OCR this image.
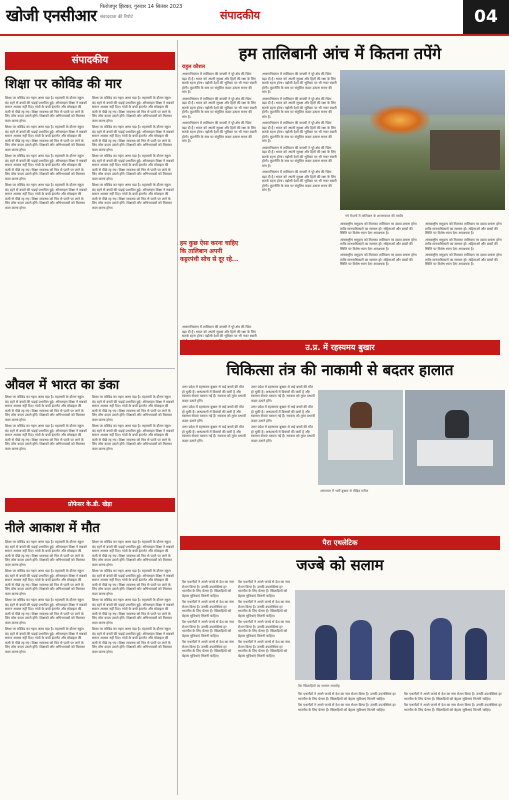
खोजी एनसीआर फिरोजपुर झिरका, गुरुवार 14 सितंबर 2023
संवाददाता की रिपोर्ट	संपादकीय	04
संपादकीय
शिक्षा पर कोविड की मार

शिक्षा पर कोविड का गहरा असर पड़ा है। महामारी के दौरान स्कूल बंद रहने से बच्चों की पढ़ाई प्रभावित हुई। ऑनलाइन शिक्षा ने सबको समान अवसर नहीं दिए। गांवों के बच्चे इंटरनेट और मोबाइल की कमी से पीछे रह गए। शिक्षा व्यवस्था को फिर से पटरी पर लाने के लिए ठोस कदम उठाने होंगे। शिक्षकों और अभिभावकों को मिलकर काम करना होगा।

शिक्षा पर कोविड का गहरा असर पड़ा है। महामारी के दौरान स्कूल बंद रहने से बच्चों की पढ़ाई प्रभावित हुई। ऑनलाइन शिक्षा ने सबको समान अवसर नहीं दिए। गांवों के बच्चे इंटरनेट और मोबाइल की कमी से पीछे रह गए। शिक्षा व्यवस्था को फिर से पटरी पर लाने के लिए ठोस कदम उठाने होंगे। शिक्षकों और अभिभावकों को मिलकर काम करना होगा।

शिक्षा पर कोविड का गहरा असर पड़ा है। महामारी के दौरान स्कूल बंद रहने से बच्चों की पढ़ाई प्रभावित हुई। ऑनलाइन शिक्षा ने सबको समान अवसर नहीं दिए। गांवों के बच्चे इंटरनेट और मोबाइल की कमी से पीछे रह गए। शिक्षा व्यवस्था को फिर से पटरी पर लाने के लिए ठोस कदम उठाने होंगे। शिक्षकों और अभिभावकों को मिलकर काम करना होगा।

शिक्षा पर कोविड का गहरा असर पड़ा है। महामारी के दौरान स्कूल बंद रहने से बच्चों की पढ़ाई प्रभावित हुई। ऑनलाइन शिक्षा ने सबको समान अवसर नहीं दिए। गांवों के बच्चे इंटरनेट और मोबाइल की कमी से पीछे रह गए। शिक्षा व्यवस्था को फिर से पटरी पर लाने के लिए ठोस कदम उठाने होंगे। शिक्षकों और अभिभावकों को मिलकर काम करना होगा।

शिक्षा पर कोविड का गहरा असर पड़ा है। महामारी के दौरान स्कूल बंद रहने से बच्चों की पढ़ाई प्रभावित हुई। ऑनलाइन शिक्षा ने सबको समान अवसर नहीं दिए। गांवों के बच्चे इंटरनेट और मोबाइल की कमी से पीछे रह गए। शिक्षा व्यवस्था को फिर से पटरी पर लाने के लिए ठोस कदम उठाने होंगे। शिक्षकों और अभिभावकों को मिलकर काम करना होगा।

शिक्षा पर कोविड का गहरा असर पड़ा है। महामारी के दौरान स्कूल बंद रहने से बच्चों की पढ़ाई प्रभावित हुई। ऑनलाइन शिक्षा ने सबको समान अवसर नहीं दिए। गांवों के बच्चे इंटरनेट और मोबाइल की कमी से पीछे रह गए। शिक्षा व्यवस्था को फिर से पटरी पर लाने के लिए ठोस कदम उठाने होंगे। शिक्षकों और अभिभावकों को मिलकर काम करना होगा।

शिक्षा पर कोविड का गहरा असर पड़ा है। महामारी के दौरान स्कूल बंद रहने से बच्चों की पढ़ाई प्रभावित हुई। ऑनलाइन शिक्षा ने सबको समान अवसर नहीं दिए। गांवों के बच्चे इंटरनेट और मोबाइल की कमी से पीछे रह गए। शिक्षा व्यवस्था को फिर से पटरी पर लाने के लिए ठोस कदम उठाने होंगे। शिक्षकों और अभिभावकों को मिलकर काम करना होगा।

शिक्षा पर कोविड का गहरा असर पड़ा है। महामारी के दौरान स्कूल बंद रहने से बच्चों की पढ़ाई प्रभावित हुई। ऑनलाइन शिक्षा ने सबको समान अवसर नहीं दिए। गांवों के बच्चे इंटरनेट और मोबाइल की कमी से पीछे रह गए। शिक्षा व्यवस्था को फिर से पटरी पर लाने के लिए ठोस कदम उठाने होंगे। शिक्षकों और अभिभावकों को मिलकर काम करना होगा।

औवल में भारत का डंका

शिक्षा पर कोविड का गहरा असर पड़ा है। महामारी के दौरान स्कूल बंद रहने से बच्चों की पढ़ाई प्रभावित हुई। ऑनलाइन शिक्षा ने सबको समान अवसर नहीं दिए। गांवों के बच्चे इंटरनेट और मोबाइल की कमी से पीछे रह गए। शिक्षा व्यवस्था को फिर से पटरी पर लाने के लिए ठोस कदम उठाने होंगे। शिक्षकों और अभिभावकों को मिलकर काम करना होगा।

शिक्षा पर कोविड का गहरा असर पड़ा है। महामारी के दौरान स्कूल बंद रहने से बच्चों की पढ़ाई प्रभावित हुई। ऑनलाइन शिक्षा ने सबको समान अवसर नहीं दिए। गांवों के बच्चे इंटरनेट और मोबाइल की कमी से पीछे रह गए। शिक्षा व्यवस्था को फिर से पटरी पर लाने के लिए ठोस कदम उठाने होंगे। शिक्षकों और अभिभावकों को मिलकर काम करना होगा।

शिक्षा पर कोविड का गहरा असर पड़ा है। महामारी के दौरान स्कूल बंद रहने से बच्चों की पढ़ाई प्रभावित हुई। ऑनलाइन शिक्षा ने सबको समान अवसर नहीं दिए। गांवों के बच्चे इंटरनेट और मोबाइल की कमी से पीछे रह गए। शिक्षा व्यवस्था को फिर से पटरी पर लाने के लिए ठोस कदम उठाने होंगे। शिक्षकों और अभिभावकों को मिलकर काम करना होगा।

शिक्षा पर कोविड का गहरा असर पड़ा है। महामारी के दौरान स्कूल बंद रहने से बच्चों की पढ़ाई प्रभावित हुई। ऑनलाइन शिक्षा ने सबको समान अवसर नहीं दिए। गांवों के बच्चे इंटरनेट और मोबाइल की कमी से पीछे रह गए। शिक्षा व्यवस्था को फिर से पटरी पर लाने के लिए ठोस कदम उठाने होंगे। शिक्षकों और अभिभावकों को मिलकर काम करना होगा।

प्रोफेसर के.डी. खेड़ा
नीले आकाश में मौत

शिक्षा पर कोविड का गहरा असर पड़ा है। महामारी के दौरान स्कूल बंद रहने से बच्चों की पढ़ाई प्रभावित हुई। ऑनलाइन शिक्षा ने सबको समान अवसर नहीं दिए। गांवों के बच्चे इंटरनेट और मोबाइल की कमी से पीछे रह गए। शिक्षा व्यवस्था को फिर से पटरी पर लाने के लिए ठोस कदम उठाने होंगे। शिक्षकों और अभिभावकों को मिलकर काम करना होगा।

शिक्षा पर कोविड का गहरा असर पड़ा है। महामारी के दौरान स्कूल बंद रहने से बच्चों की पढ़ाई प्रभावित हुई। ऑनलाइन शिक्षा ने सबको समान अवसर नहीं दिए। गांवों के बच्चे इंटरनेट और मोबाइल की कमी से पीछे रह गए। शिक्षा व्यवस्था को फिर से पटरी पर लाने के लिए ठोस कदम उठाने होंगे। शिक्षकों और अभिभावकों को मिलकर काम करना होगा।

शिक्षा पर कोविड का गहरा असर पड़ा है। महामारी के दौरान स्कूल बंद रहने से बच्चों की पढ़ाई प्रभावित हुई। ऑनलाइन शिक्षा ने सबको समान अवसर नहीं दिए। गांवों के बच्चे इंटरनेट और मोबाइल की कमी से पीछे रह गए। शिक्षा व्यवस्था को फिर से पटरी पर लाने के लिए ठोस कदम उठाने होंगे। शिक्षकों और अभिभावकों को मिलकर काम करना होगा।

शिक्षा पर कोविड का गहरा असर पड़ा है। महामारी के दौरान स्कूल बंद रहने से बच्चों की पढ़ाई प्रभावित हुई। ऑनलाइन शिक्षा ने सबको समान अवसर नहीं दिए। गांवों के बच्चे इंटरनेट और मोबाइल की कमी से पीछे रह गए। शिक्षा व्यवस्था को फिर से पटरी पर लाने के लिए ठोस कदम उठाने होंगे। शिक्षकों और अभिभावकों को मिलकर काम करना होगा।

शिक्षा पर कोविड का गहरा असर पड़ा है। महामारी के दौरान स्कूल बंद रहने से बच्चों की पढ़ाई प्रभावित हुई। ऑनलाइन शिक्षा ने सबको समान अवसर नहीं दिए। गांवों के बच्चे इंटरनेट और मोबाइल की कमी से पीछे रह गए। शिक्षा व्यवस्था को फिर से पटरी पर लाने के लिए ठोस कदम उठाने होंगे। शिक्षकों और अभिभावकों को मिलकर काम करना होगा।

शिक्षा पर कोविड का गहरा असर पड़ा है। महामारी के दौरान स्कूल बंद रहने से बच्चों की पढ़ाई प्रभावित हुई। ऑनलाइन शिक्षा ने सबको समान अवसर नहीं दिए। गांवों के बच्चे इंटरनेट और मोबाइल की कमी से पीछे रह गए। शिक्षा व्यवस्था को फिर से पटरी पर लाने के लिए ठोस कदम उठाने होंगे। शिक्षकों और अभिभावकों को मिलकर काम करना होगा।

शिक्षा पर कोविड का गहरा असर पड़ा है। महामारी के दौरान स्कूल बंद रहने से बच्चों की पढ़ाई प्रभावित हुई। ऑनलाइन शिक्षा ने सबको समान अवसर नहीं दिए। गांवों के बच्चे इंटरनेट और मोबाइल की कमी से पीछे रह गए। शिक्षा व्यवस्था को फिर से पटरी पर लाने के लिए ठोस कदम उठाने होंगे। शिक्षकों और अभिभावकों को मिलकर काम करना होगा।

शिक्षा पर कोविड का गहरा असर पड़ा है। महामारी के दौरान स्कूल बंद रहने से बच्चों की पढ़ाई प्रभावित हुई। ऑनलाइन शिक्षा ने सबको समान अवसर नहीं दिए। गांवों के बच्चे इंटरनेट और मोबाइल की कमी से पीछे रह गए। शिक्षा व्यवस्था को फिर से पटरी पर लाने के लिए ठोस कदम उठाने होंगे। शिक्षकों और अभिभावकों को मिलकर काम करना होगा।

हम तालिबानी आंच में कितना तपेंगे
राहुल कौशल

अफगानिस्तान में तालिबान की वापसी ने पूरे क्षेत्र की चिंता बढ़ा दी है। भारत को अपनी सुरक्षा और हितों की रक्षा के लिए सतर्क रहना होगा। पड़ोसी देशों की भूमिका पर भी नजर रखनी होगी। कूटनीति के स्तर पर संतुलित कदम उठाना समय की मांग है।

अफगानिस्तान में तालिबान की वापसी ने पूरे क्षेत्र की चिंता बढ़ा दी है। भारत को अपनी सुरक्षा और हितों की रक्षा के लिए सतर्क रहना होगा। पड़ोसी देशों की भूमिका पर भी नजर रखनी होगी। कूटनीति के स्तर पर संतुलित कदम उठाना समय की मांग है।

अफगानिस्तान में तालिबान की वापसी ने पूरे क्षेत्र की चिंता बढ़ा दी है। भारत को अपनी सुरक्षा और हितों की रक्षा के लिए सतर्क रहना होगा। पड़ोसी देशों की भूमिका पर भी नजर रखनी होगी। कूटनीति के स्तर पर संतुलित कदम उठाना समय की मांग है।

अफगानिस्तान में तालिबान की वापसी ने पूरे क्षेत्र की चिंता बढ़ा दी है। भारत को अपनी सुरक्षा और हितों की रक्षा के लिए सतर्क रहना होगा। पड़ोसी देशों की भूमिका पर भी नजर रखनी होगी। कूटनीति के स्तर पर संतुलित कदम उठाना समय की मांग है।

अफगानिस्तान में तालिबान की वापसी ने पूरे क्षेत्र की चिंता बढ़ा दी है। भारत को अपनी सुरक्षा और हितों की रक्षा के लिए सतर्क रहना होगा। पड़ोसी देशों की भूमिका पर भी नजर रखनी होगी। कूटनीति के स्तर पर संतुलित कदम उठाना समय की मांग है।

अफगानिस्तान में तालिबान की वापसी ने पूरे क्षेत्र की चिंता बढ़ा दी है। भारत को अपनी सुरक्षा और हितों की रक्षा के लिए सतर्क रहना होगा। पड़ोसी देशों की भूमिका पर भी नजर रखनी होगी। कूटनीति के स्तर पर संतुलित कदम उठाना समय की मांग है।

अफगानिस्तान में तालिबान की वापसी ने पूरे क्षेत्र की चिंता बढ़ा दी है। भारत को अपनी सुरक्षा और हितों की रक्षा के लिए सतर्क रहना होगा। पड़ोसी देशों की भूमिका पर भी नजर रखनी होगी। कूटनीति के स्तर पर संतुलित कदम उठाना समय की मांग है।

अफगानिस्तान में तालिबान की वापसी ने पूरे क्षेत्र की चिंता बढ़ा दी है। भारत को अपनी सुरक्षा और हितों की रक्षा के लिए सतर्क रहना होगा। पड़ोसी देशों की भूमिका पर भी नजर रखनी होगी। कूटनीति के स्तर पर संतुलित कदम उठाना समय की मांग है।

हम कुछ ऐसा करना चाहिए कि तालिबान अपनी कट्टरपंथी सोच से दूर रहे...

अफगानिस्तान में तालिबान की वापसी ने पूरे क्षेत्र की चिंता बढ़ा दी है। भारत को अपनी सुरक्षा और हितों की रक्षा के लिए सतर्क रहना होगा। पड़ोसी देशों की भूमिका पर भी नजर रखनी

नये मैदानों में तालिबान के शासनकाल की तस्वीर

अंतरराष्ट्रीय समुदाय को मिलकर तालिबान पर दबाव बनाना होगा ताकि मानवाधिकारों का सम्मान हो। महिलाओं और बच्चों की स्थिति पर विशेष ध्यान देना आवश्यक है।

अंतरराष्ट्रीय समुदाय को मिलकर तालिबान पर दबाव बनाना होगा ताकि मानवाधिकारों का सम्मान हो। महिलाओं और बच्चों की स्थिति पर विशेष ध्यान देना आवश्यक है।

अंतरराष्ट्रीय समुदाय को मिलकर तालिबान पर दबाव बनाना होगा ताकि मानवाधिकारों का सम्मान हो। महिलाओं और बच्चों की स्थिति पर विशेष ध्यान देना आवश्यक है।

अंतरराष्ट्रीय समुदाय को मिलकर तालिबान पर दबाव बनाना होगा ताकि मानवाधिकारों का सम्मान हो। महिलाओं और बच्चों की स्थिति पर विशेष ध्यान देना आवश्यक है।

अंतरराष्ट्रीय समुदाय को मिलकर तालिबान पर दबाव बनाना होगा ताकि मानवाधिकारों का सम्मान हो। महिलाओं और बच्चों की स्थिति पर विशेष ध्यान देना आवश्यक है।

अंतरराष्ट्रीय समुदाय को मिलकर तालिबान पर दबाव बनाना होगा ताकि मानवाधिकारों का सम्मान हो। महिलाओं और बच्चों की स्थिति पर विशेष ध्यान देना आवश्यक है।

उ.प्र. में रहस्यमय बुखार
चिकित्सा तंत्र की नाकामी से बदतर हालात

उत्तर प्रदेश में रहस्यमय बुखार से कई बच्चों की मौत हो चुकी है। अस्पतालों में बिस्तरों की कमी है और स्वास्थ्य सेवाएं चरमरा गई हैं। सरकार को तुरंत प्रभावी कदम उठाने होंगे।

उत्तर प्रदेश में रहस्यमय बुखार से कई बच्चों की मौत हो चुकी है। अस्पतालों में बिस्तरों की कमी है और स्वास्थ्य सेवाएं चरमरा गई हैं। सरकार को तुरंत प्रभावी कदम उठाने होंगे।

उत्तर प्रदेश में रहस्यमय बुखार से कई बच्चों की मौत हो चुकी है। अस्पतालों में बिस्तरों की कमी है और स्वास्थ्य सेवाएं चरमरा गई हैं। सरकार को तुरंत प्रभावी कदम उठाने होंगे।

उत्तर प्रदेश में रहस्यमय बुखार से कई बच्चों की मौत हो चुकी है। अस्पतालों में बिस्तरों की कमी है और स्वास्थ्य सेवाएं चरमरा गई हैं। सरकार को तुरंत प्रभावी कदम उठाने होंगे।

उत्तर प्रदेश में रहस्यमय बुखार से कई बच्चों की मौत हो चुकी है। अस्पतालों में बिस्तरों की कमी है और स्वास्थ्य सेवाएं चरमरा गई हैं। सरकार को तुरंत प्रभावी कदम उठाने होंगे।

उत्तर प्रदेश में रहस्यमय बुखार से कई बच्चों की मौत हो चुकी है। अस्पतालों में बिस्तरों की कमी है और स्वास्थ्य सेवाएं चरमरा गई हैं। सरकार को तुरंत प्रभावी कदम उठाने होंगे।

अस्पताल में भर्ती बुखार से पीड़ित मरीज
पैरा एथलेटिक
जज्बे को सलाम

पैरा एथलीटों ने अपने जज्बे से देश का नाम रोशन किया है। उनकी उपलब्धियां हर भारतीय के लिए प्रेरणा हैं। खिलाड़ियों को बेहतर सुविधाएं मिलनी चाहिए।

पैरा एथलीटों ने अपने जज्बे से देश का नाम रोशन किया है। उनकी उपलब्धियां हर भारतीय के लिए प्रेरणा हैं। खिलाड़ियों को बेहतर सुविधाएं मिलनी चाहिए।

पैरा एथलीटों ने अपने जज्बे से देश का नाम रोशन किया है। उनकी उपलब्धियां हर भारतीय के लिए प्रेरणा हैं। खिलाड़ियों को बेहतर सुविधाएं मिलनी चाहिए।

पैरा एथलीटों ने अपने जज्बे से देश का नाम रोशन किया है। उनकी उपलब्धियां हर भारतीय के लिए प्रेरणा हैं। खिलाड़ियों को बेहतर सुविधाएं मिलनी चाहिए।

पैरा एथलीटों ने अपने जज्बे से देश का नाम रोशन किया है। उनकी उपलब्धियां हर भारतीय के लिए प्रेरणा हैं। खिलाड़ियों को बेहतर सुविधाएं मिलनी चाहिए।

पैरा एथलीटों ने अपने जज्बे से देश का नाम रोशन किया है। उनकी उपलब्धियां हर भारतीय के लिए प्रेरणा हैं। खिलाड़ियों को बेहतर सुविधाएं मिलनी चाहिए।

पैरा एथलीटों ने अपने जज्बे से देश का नाम रोशन किया है। उनकी उपलब्धियां हर भारतीय के लिए प्रेरणा हैं। खिलाड़ियों को बेहतर सुविधाएं मिलनी चाहिए।

पैरा एथलीटों ने अपने जज्बे से देश का नाम रोशन किया है। उनकी उपलब्धियां हर भारतीय के लिए प्रेरणा हैं। खिलाड़ियों को बेहतर सुविधाएं मिलनी चाहिए।

पैरा खिलाड़ियों का सम्मान समारोह

पैरा एथलीटों ने अपने जज्बे से देश का नाम रोशन किया है। उनकी उपलब्धियां हर भारतीय के लिए प्रेरणा हैं। खिलाड़ियों को बेहतर सुविधाएं मिलनी चाहिए।

पैरा एथलीटों ने अपने जज्बे से देश का नाम रोशन किया है। उनकी उपलब्धियां हर भारतीय के लिए प्रेरणा हैं। खिलाड़ियों को बेहतर सुविधाएं मिलनी चाहिए।

पैरा एथलीटों ने अपने जज्बे से देश का नाम रोशन किया है। उनकी उपलब्धियां हर भारतीय के लिए प्रेरणा हैं। खिलाड़ियों को बेहतर सुविधाएं मिलनी चाहिए।

पैरा एथलीटों ने अपने जज्बे से देश का नाम रोशन किया है। उनकी उपलब्धियां हर भारतीय के लिए प्रेरणा हैं। खिलाड़ियों को बेहतर सुविधाएं मिलनी चाहिए।
